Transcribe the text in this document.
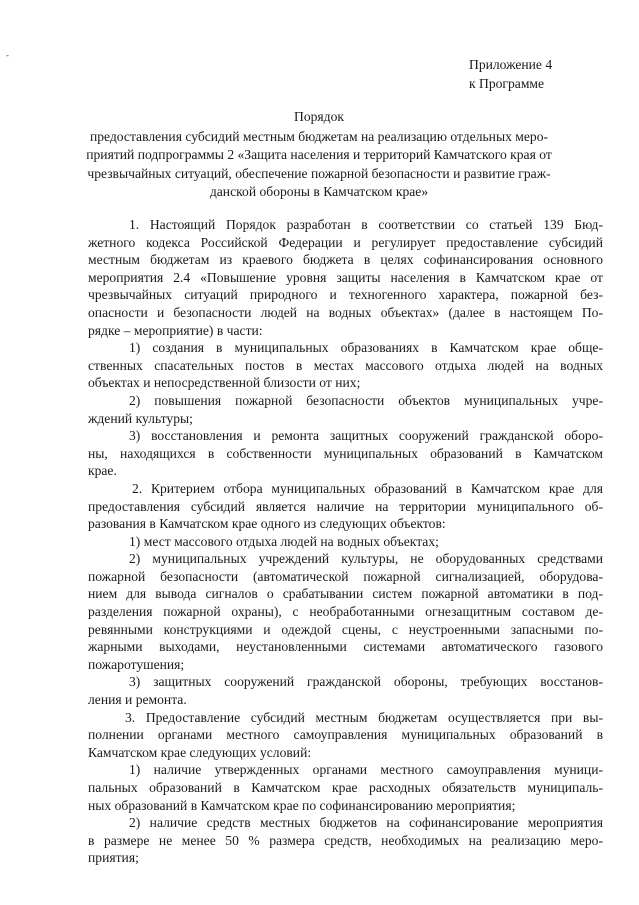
-
Приложение 4
к Программе
Порядок
предоставления субсидий местным бюджетам на реализацию отдельных меро-
приятий подпрограммы 2 «Защита населения и территорий Камчатского края от
чрезвычайных ситуаций, обеспечение пожарной безопасности и развитие граж-
данской обороны в Камчатском крае»
1. Настоящий Порядок разработан в соответствии со статьей 139 Бюд-
жетного кодекса Российской Федерации и регулирует предоставление субсидий
местным бюджетам из краевого бюджета в целях софинансирования основного
мероприятия 2.4 «Повышение уровня защиты населения в Камчатском крае от
чрезвычайных ситуаций природного и техногенного характера, пожарной без-
опасности и безопасности людей на водных объектах» (далее в настоящем По-
рядке – мероприятие) в части:
1) создания в муниципальных образованиях в Камчатском крае обще-
ственных спасательных постов в местах массового отдыха людей на водных
объектах и непосредственной близости от них;
2) повышения пожарной безопасности объектов муниципальных учре-
ждений культуры;
3) восстановления и ремонта защитных сооружений гражданской оборо-
ны, находящихся в собственности муниципальных образований в Камчатском
крае.
2. Критерием отбора муниципальных образований в Камчатском крае для
предоставления субсидий является наличие на территории муниципального об-
разования в Камчатском крае одного из следующих объектов:
1) мест массового отдыха людей на водных объектах;
2) муниципальных учреждений культуры, не оборудованных средствами
пожарной безопасности (автоматической пожарной сигнализацией, оборудова-
нием для вывода сигналов о срабатывании систем пожарной автоматики в под-
разделения пожарной охраны), с необработанными огнезащитным составом де-
ревянными конструкциями и одеждой сцены, с неустроенными запасными по-
жарными выходами, неустановленными системами автоматического газового
пожаротушения;
3) защитных сооружений гражданской обороны, требующих восстанов-
ления и ремонта.
3. Предоставление субсидий местным бюджетам осуществляется при вы-
полнении органами местного самоуправления муниципальных образований в
Камчатском крае следующих условий:
1) наличие утвержденных органами местного самоуправления муници-
пальных образований в Камчатском крае расходных обязательств муниципаль-
ных образований в Камчатском крае по софинансированию мероприятия;
2) наличие средств местных бюджетов на софинансирование мероприятия
в размере не менее 50 % размера средств, необходимых на реализацию меро-
приятия;
